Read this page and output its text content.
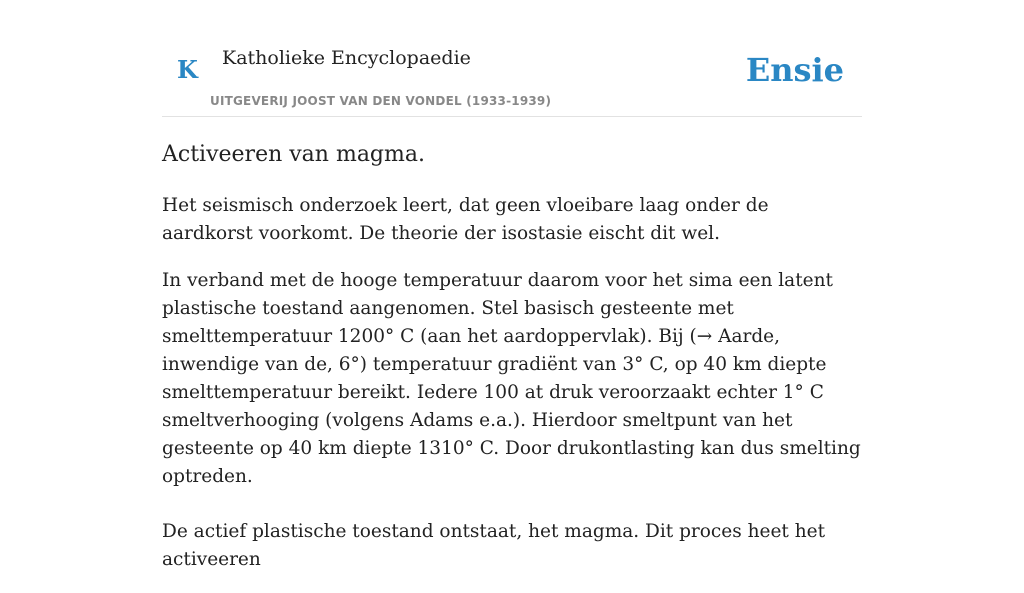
K Katholieke Encyclopaedie
UITGEVERIJ JOOST VAN DEN VONDEL (1933-1939)
Ensie
Activeeren van magma.

Het seismisch onderzoek leert, dat geen vloeibare laag onder de aardkorst voorkomt. De theorie der isostasie eischt dit wel.

In verband met de hooge temperatuur daarom voor het sima een latent plastische toestand aangenomen. Stel basisch gesteente met smelttemperatuur 1200° C (aan het aardoppervlak). Bij (→ Aarde, inwendige van de, 6°) temperatuur gradiënt van 3° C, op 40 km diepte smelttemperatuur bereikt. Iedere 100 at druk veroorzaakt echter 1° C smeltverhooging (volgens Adams e.a.). Hierdoor smeltpunt van het gesteente op 40 km diepte 1310° C. Door drukontlasting kan dus smelting optreden.

De actief plastische toestand ontstaat, het magma. Dit proces heet het activeeren
